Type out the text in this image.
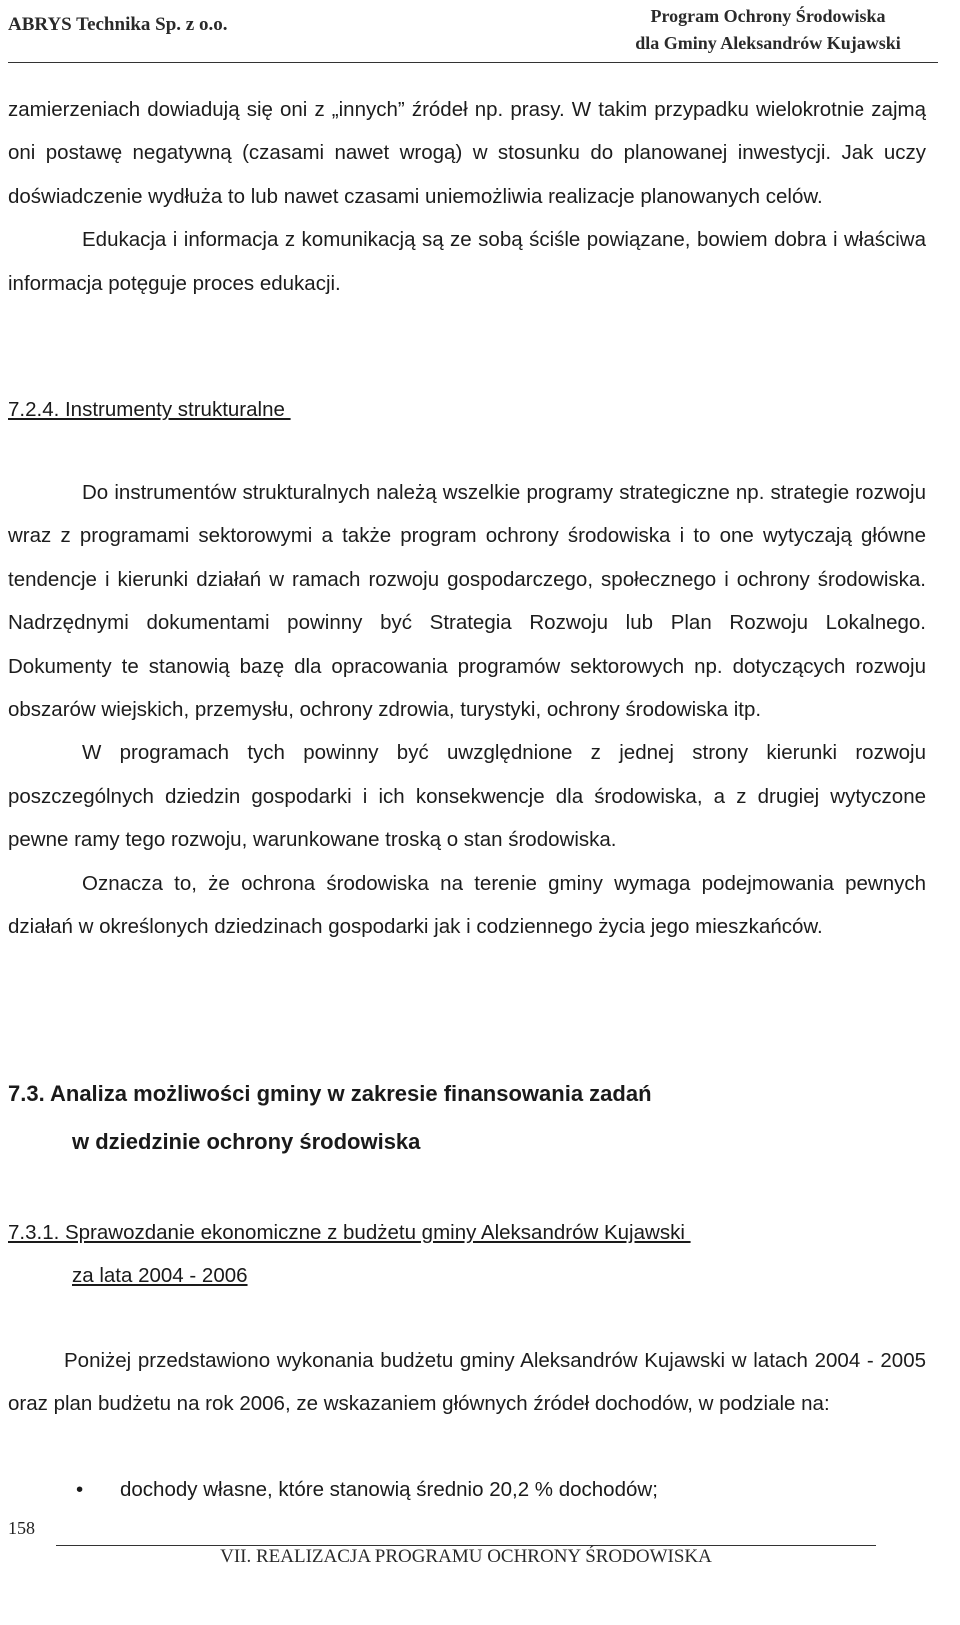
ABRYS Technika Sp. z o.o.	Program Ochrony Środowiska
dla Gminy Aleksandrów Kujawski

zamierzeniach dowiadują się oni z „innych” źródeł np. prasy. W takim przypadku wielokrotnie zajmą oni postawę negatywną (czasami nawet wrogą) w stosunku do planowanej inwestycji. Jak uczy doświadczenie wydłuża to lub nawet czasami uniemożliwia realizacje planowanych celów.

Edukacja i informacja z komunikacją są ze sobą ściśle powiązane, bowiem dobra i właściwa informacja potęguje proces edukacji.

7.2.4. Instrumenty strukturalne

Do instrumentów strukturalnych należą wszelkie programy strategiczne np. strategie rozwoju wraz z programami sektorowymi a także program ochrony środowiska i to one wytyczają główne tendencje i kierunki działań w ramach rozwoju gospodarczego, społecznego i ochrony środowiska. Nadrzędnymi dokumentami powinny być Strategia Rozwoju lub Plan Rozwoju Lokalnego. Dokumenty te stanowią bazę dla opracowania programów sektorowych np. dotyczących rozwoju obszarów wiejskich, przemysłu, ochrony zdrowia, turystyki, ochrony środowiska itp.

W programach tych powinny być uwzględnione z jednej strony kierunki rozwoju poszczególnych dziedzin gospodarki i ich konsekwencje dla środowiska, a z drugiej wytyczone pewne ramy tego rozwoju, warunkowane troską o stan środowiska.

Oznacza to, że ochrona środowiska na terenie gminy wymaga podejmowania pewnych działań w określonych dziedzinach gospodarki jak i codziennego życia jego mieszkańców.

7.3. Analiza możliwości gminy w zakresie finansowania zadań
w dziedzinie ochrony środowiska
7.3.1. Sprawozdanie ekonomiczne z budżetu gminy Aleksandrów Kujawski
za lata 2004 - 2006

Poniżej przedstawiono wykonania budżetu gminy Aleksandrów Kujawski w latach 2004 - 2005 oraz plan budżetu na rok 2006, ze wskazaniem głównych źródeł dochodów, w podziale na:

• dochody własne, które stanowią średnio 20,2 % dochodów;
158
VII. REALIZACJA PROGRAMU OCHRONY ŚRODOWISKA
